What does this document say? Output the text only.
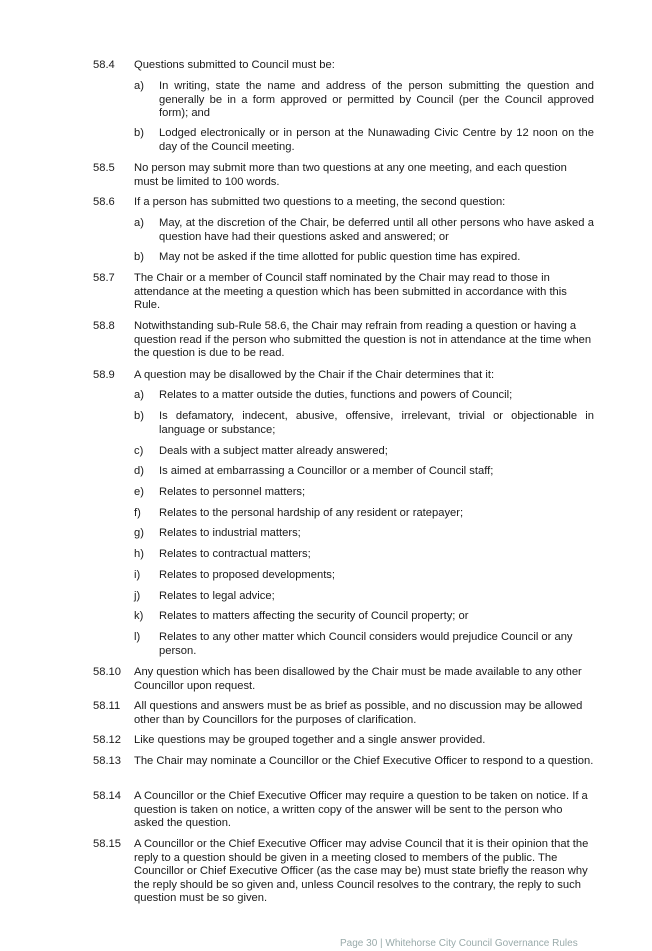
58.4 Questions submitted to Council must be:
a) In writing, state the name and address of the person submitting the question and generally be in a form approved or permitted by Council (per the Council approved form); and
b) Lodged electronically or in person at the Nunawading Civic Centre by 12 noon on the day of the Council meeting.
58.5 No person may submit more than two questions at any one meeting, and each question must be limited to 100 words.
58.6 If a person has submitted two questions to a meeting, the second question:
a) May, at the discretion of the Chair, be deferred until all other persons who have asked a question have had their questions asked and answered; or
b) May not be asked if the time allotted for public question time has expired.
58.7 The Chair or a member of Council staff nominated by the Chair may read to those in attendance at the meeting a question which has been submitted in accordance with this Rule.
58.8 Notwithstanding sub-Rule 58.6, the Chair may refrain from reading a question or having a question read if the person who submitted the question is not in attendance at the time when the question is due to be read.
58.9 A question may be disallowed by the Chair if the Chair determines that it:
a) Relates to a matter outside the duties, functions and powers of Council;
b) Is defamatory, indecent, abusive, offensive, irrelevant, trivial or objectionable in language or substance;
c) Deals with a subject matter already answered;
d) Is aimed at embarrassing a Councillor or a member of Council staff;
e) Relates to personnel matters;
f) Relates to the personal hardship of any resident or ratepayer;
g) Relates to industrial matters;
h) Relates to contractual matters;
i) Relates to proposed developments;
j) Relates to legal advice;
k) Relates to matters affecting the security of Council property; or
l) Relates to any other matter which Council considers would prejudice Council or any person.
58.10 Any question which has been disallowed by the Chair must be made available to any other Councillor upon request.
58.11 All questions and answers must be as brief as possible, and no discussion may be allowed other than by Councillors for the purposes of clarification.
58.12 Like questions may be grouped together and a single answer provided.
58.13 The Chair may nominate a Councillor or the Chief Executive Officer to respond to a question.
58.14 A Councillor or the Chief Executive Officer may require a question to be taken on notice. If a question is taken on notice, a written copy of the answer will be sent to the person who asked the question.
58.15 A Councillor or the Chief Executive Officer may advise Council that it is their opinion that the reply to a question should be given in a meeting closed to members of the public. The Councillor or Chief Executive Officer (as the case may be) must state briefly the reason why the reply should be so given and, unless Council resolves to the contrary, the reply to such question must be so given.
Page 30 | Whitehorse City Council Governance Rules
